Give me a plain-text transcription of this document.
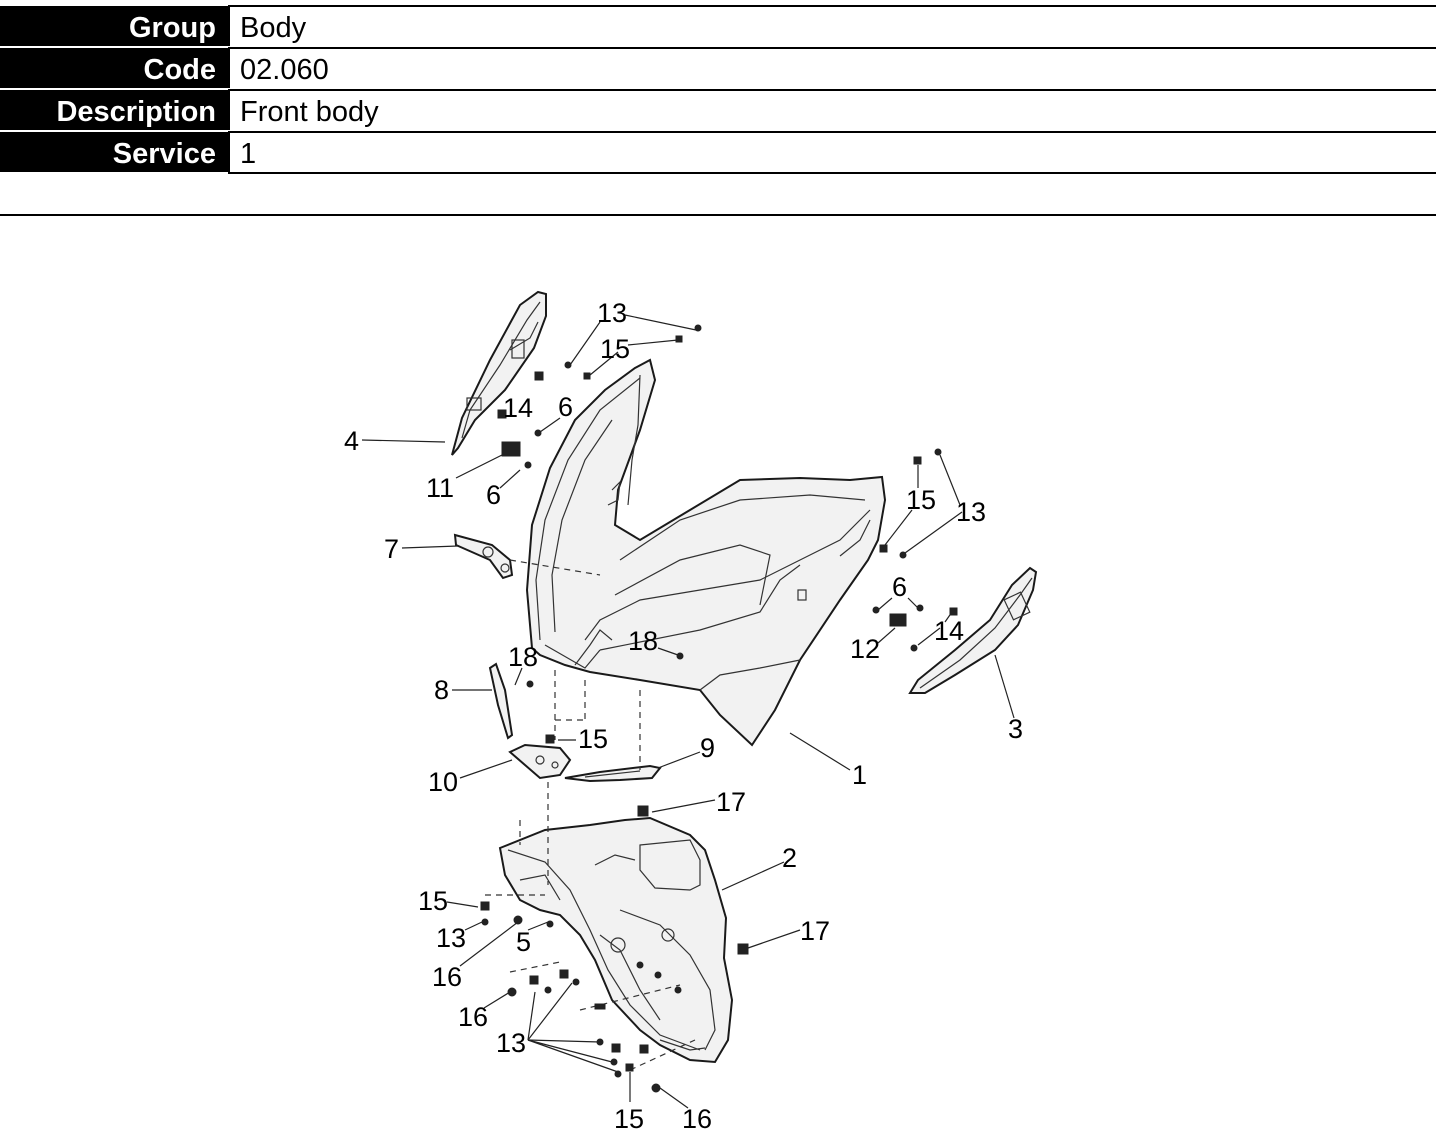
Group Body
Code 02.060
Description Front body
Service 1
13
15
14 6
4
11 6
7
15 13
6
14
12
18
18
8
15	9
3
10	1
17
2
15
13 5	17
16
16
13
15 16
